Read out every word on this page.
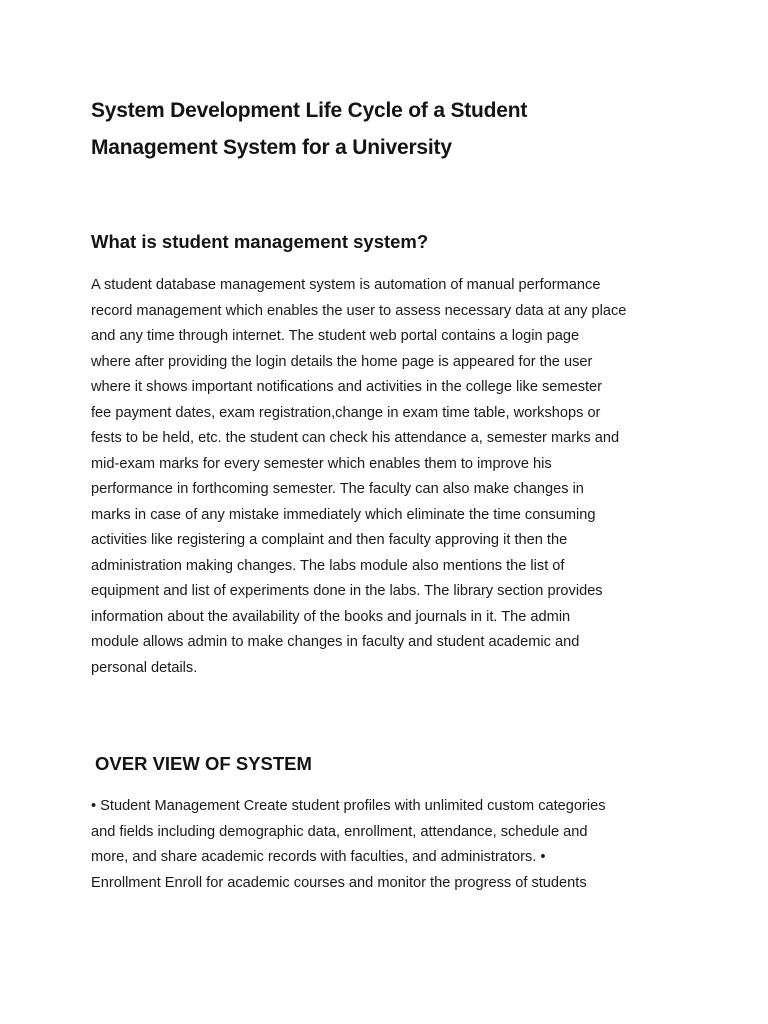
System Development Life Cycle of a Student
Management System for a University
What is student management system?
A student database management system is automation of manual performance
record management which enables the user to assess necessary data at any place
and any time through internet. The student web portal contains a login page
where after providing the login details the home page is appeared for the user
where it shows important notifications and activities in the college like semester
fee payment dates, exam registration,change in exam time table, workshops or
fests to be held, etc. the student can check his attendance a, semester marks and
mid-exam marks for every semester which enables them to improve his
performance in forthcoming semester. The faculty can also make changes in
marks in case of any mistake immediately which eliminate the time consuming
activities like registering a complaint and then faculty approving it then the
administration making changes. The labs module also mentions the list of
equipment and list of experiments done in the labs. The library section provides
information about the availability of the books and journals in it. The admin
module allows admin to make changes in faculty and student academic and
personal details.
OVER VIEW OF SYSTEM
• Student Management Create student profiles with unlimited custom categories
and fields including demographic data, enrollment, attendance, schedule and
more, and share academic records with faculties, and administrators. •
Enrollment Enroll for academic courses and monitor the progress of students
